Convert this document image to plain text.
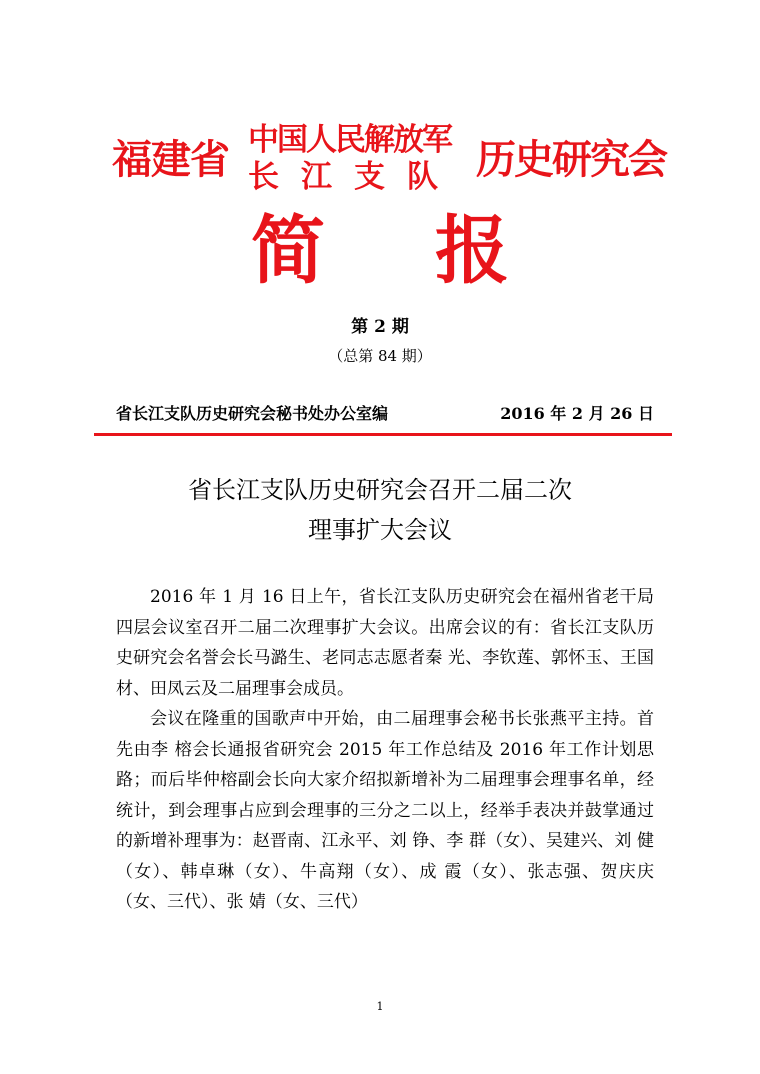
福建省 中国人民解放军
长江支队 历史研究会
简 报
第 2 期
（总第 84 期）
省长江支队历史研究会秘书处办公室编	2016 年 2 月 26 日
省长江支队历史研究会召开二届二次
理事扩大会议

2016 年 1 月 16 日上午，省长江支队历史研究会在福州省老干局四层会议室召开二届二次理事扩大会议。出席会议的有：省长江支队历史研究会名誉会长马潞生、老同志志愿者秦 光、李钦莲、郭怀玉、王国材、田凤云及二届理事会成员。

会议在隆重的国歌声中开始，由二届理事会秘书长张燕平主持。首先由李 榕会长通报省研究会 2015 年工作总结及 2016 年工作计划思路；而后毕仲榕副会长向大家介绍拟新增补为二届理事会理事名单，经统计，到会理事占应到会理事的三分之二以上，经举手表决并鼓掌通过的新增补理事为：赵晋南、江永平、刘 铮、李 群（女）、吴建兴、刘 健（女）、韩卓琳（女）、牛高翔（女）、成 霞（女）、张志强、贺庆庆（女、三代）、张 婧（女、三代）

1
